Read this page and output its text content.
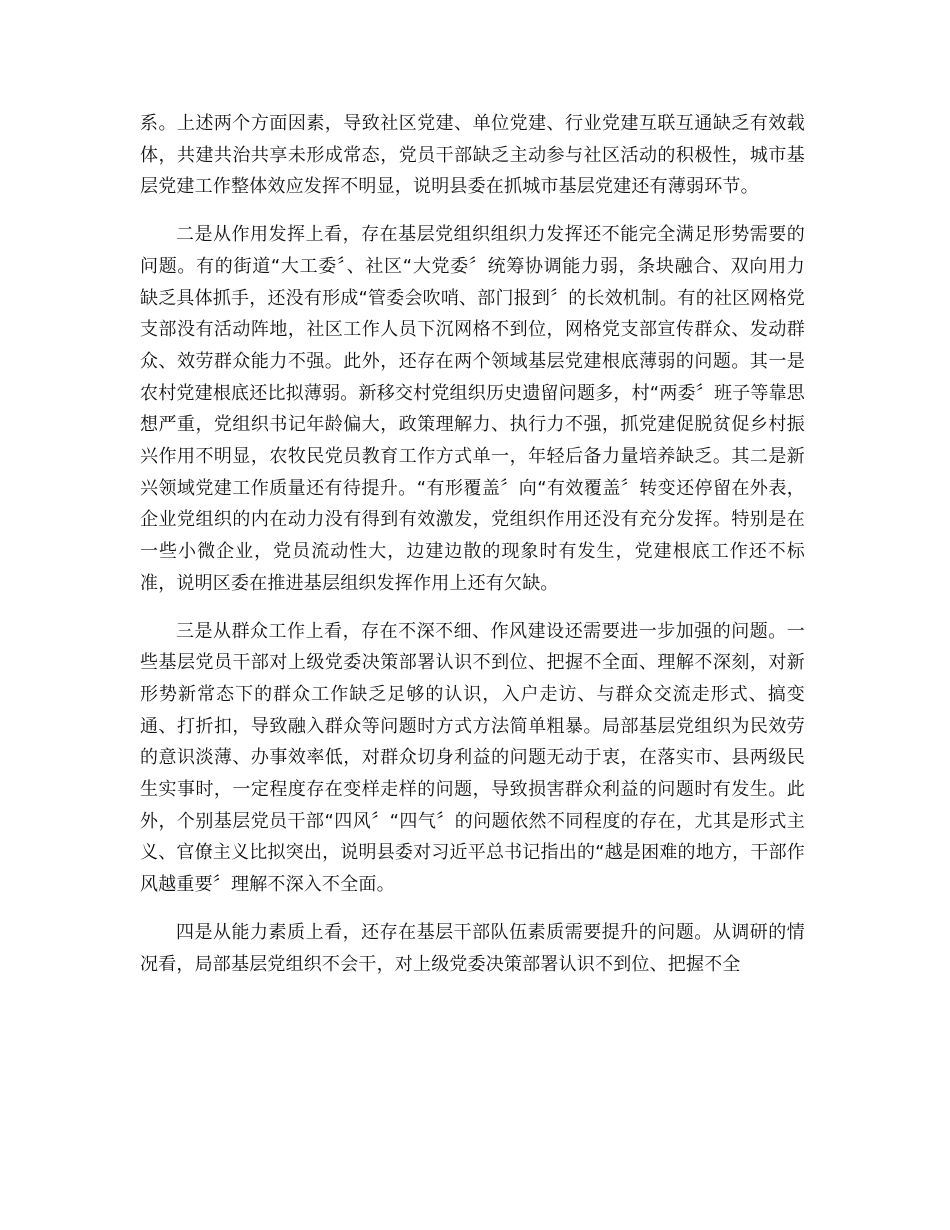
系。上述两个方面因素，导致社区党建、单位党建、行业党建互联互通缺乏有效载体，共建共治共享未形成常态，党员干部缺乏主动参与社区活动的积极性，城市基层党建工作整体效应发挥不明显，说明县委在抓城市基层党建还有薄弱环节。

二是从作用发挥上看，存在基层党组织组织力发挥还不能完全满足形势需要的问题。有的街道“大工委〞、社区“大党委〞统筹协调能力弱，条块融合、双向用力缺乏具体抓手，还没有形成“管委会吹哨、部门报到〞的长效机制。有的社区网格党支部没有活动阵地，社区工作人员下沉网格不到位，网格党支部宣传群众、发动群众、效劳群众能力不强。此外，还存在两个领域基层党建根底薄弱的问题。其一是农村党建根底还比拟薄弱。新移交村党组织历史遗留问题多，村“两委〞班子等靠思想严重，党组织书记年龄偏大，政策理解力、执行力不强，抓党建促脱贫促乡村振兴作用不明显，农牧民党员教育工作方式单一，年轻后备力量培养缺乏。其二是新兴领域党建工作质量还有待提升。“有形覆盖〞向“有效覆盖〞转变还停留在外表，企业党组织的内在动力没有得到有效激发，党组织作用还没有充分发挥。特别是在一些小微企业，党员流动性大，边建边散的现象时有发生，党建根底工作还不标准，说明区委在推进基层组织发挥作用上还有欠缺。

三是从群众工作上看，存在不深不细、作风建设还需要进一步加强的问题。一些基层党员干部对上级党委决策部署认识不到位、把握不全面、理解不深刻，对新形势新常态下的群众工作缺乏足够的认识，入户走访、与群众交流走形式、搞变通、打折扣，导致融入群众等问题时方式方法简单粗暴。局部基层党组织为民效劳的意识淡薄、办事效率低，对群众切身利益的问题无动于衷，在落实市、县两级民生实事时，一定程度存在变样走样的问题，导致损害群众利益的问题时有发生。此外，个别基层党员干部“四风〞“四气〞的问题依然不同程度的存在，尤其是形式主义、官僚主义比拟突出，说明县委对习近平总书记指出的“越是困难的地方，干部作风越重要〞理解不深入不全面。

四是从能力素质上看，还存在基层干部队伍素质需要提升的问题。从调研的情况看，局部基层党组织不会干，对上级党委决策部署认识不到位、把握不全
